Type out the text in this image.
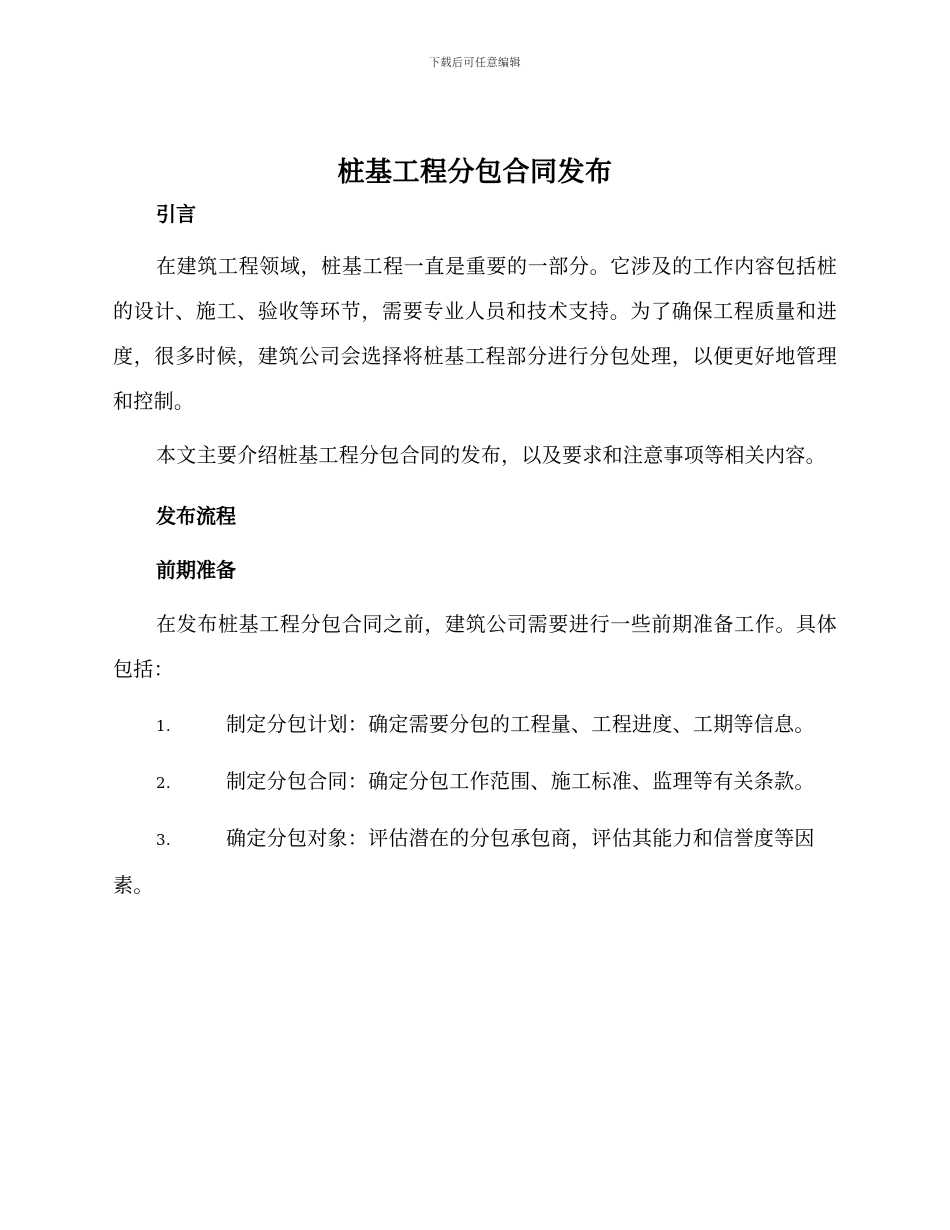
下载后可任意编辑
桩基工程分包合同发布

引言

在建筑工程领域，桩基工程一直是重要的一部分。它涉及的工作内容包括桩的设计、施工、验收等环节，需要专业人员和技术支持。为了确保工程质量和进度，很多时候，建筑公司会选择将桩基工程部分进行分包处理，以便更好地管理和控制。

本文主要介绍桩基工程分包合同的发布，以及要求和注意事项等相关内容。

发布流程

前期准备

在发布桩基工程分包合同之前，建筑公司需要进行一些前期准备工作。具体包括：

1.	制定分包计划：确定需要分包的工程量、工程进度、工期等信息。

2.	制定分包合同：确定分包工作范围、施工标准、监理等有关条款。

3.	确定分包对象：评估潜在的分包承包商，评估其能力和信誉度等因素。
